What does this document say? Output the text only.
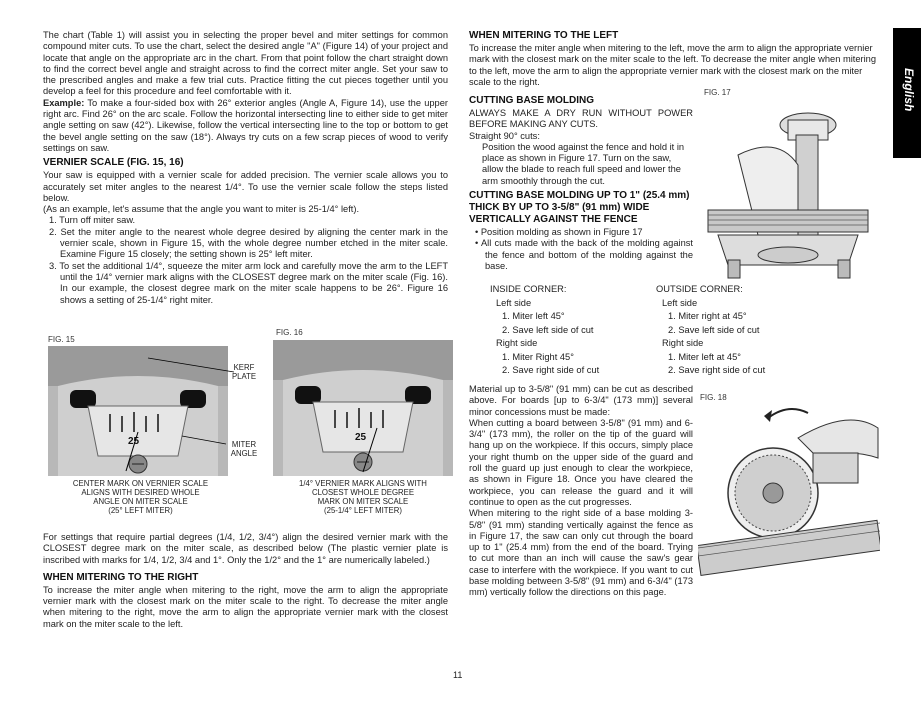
The chart (Table 1) will assist you in selecting the proper bevel and miter settings for common compound miter cuts. To use the chart, select the desired angle "A" (Figure 14) of your project and locate that angle on the appropriate arc in the chart. From that point follow the chart straight down to find the correct bevel angle and straight across to find the correct miter angle. Set your saw to the prescribed angles and make a few trial cuts. Practice fitting the cut pieces together until you develop a feel for this procedure and feel comfortable with it.

Example: To make a four-sided box with 26° exterior angles (Angle A, Figure 14), use the upper right arc. Find 26° on the arc scale. Follow the horizontal intersecting line to either side to get miter angle setting on saw (42°). Likewise, follow the vertical intersecting line to the top or bottom to get the bevel angle setting on the saw (18°). Always try cuts on a few scrap pieces of wood to verify settings on saw.

VERNIER SCALE (FIG. 15, 16)

Your saw is equipped with a vernier scale for added precision. The vernier scale allows you to accurately set miter angles to the nearest 1/4°. To use the vernier scale follow the steps listed below.

(As an example, let's assume that the angle you want to miter is 25-1/4° left).

1. Turn off miter saw.

2. Set the miter angle to the nearest whole degree desired by aligning the center mark in the vernier scale, shown in Figure 15, with the whole degree number etched in the miter scale. Examine Figure 15 closely; the setting shown is 25° left miter.

3. To set the additional 1/4°, squeeze the miter arm lock and carefully move the arm to the LEFT until the 1/4° vernier mark aligns with the CLOSEST degree mark on the miter scale (Fig. 16). In our example, the closest degree mark on the miter scale happens to be 26°. Figure 16 shows a setting of 25-1/4° right miter.

FIG. 15
FIG. 16
25
KERF
PLATE
MITER
ANGLE
CENTER MARK ON VERNIER SCALE
ALIGNS WITH DESIRED WHOLE
ANGLE ON MITER SCALE
(25° LEFT MITER)
25
1/4° VERNIER MARK ALIGNS WITH
CLOSEST WHOLE DEGREE
MARK ON MITER SCALE
(25-1/4° LEFT MITER)

For settings that require partial degrees (1/4, 1/2, 3/4°) align the desired vernier mark with the CLOSEST degree mark on the miter scale, as described below (The plastic vernier plate is inscribed with marks for 1/4, 1/2, 3/4 and 1°. Only the 1/2° and the 1° are numerically labeled.)

WHEN MITERING TO THE RIGHT

To increase the miter angle when mitering to the right, move the arm to align the appropriate vernier mark with the closest mark on the miter scale to the right. To decrease the miter angle when mitering to the right, move the arm to align the appropriate vernier mark with the closest mark on the miter scale to the left.

WHEN MITERING TO THE LEFT

To increase the miter angle when mitering to the left, move the arm to align the appropriate vernier mark with the closest mark on the miter scale to the left. To decrease the miter angle when mitering to the left, move the arm to align the appropriate vernier mark with the closest mark on the miter scale to the right.

CUTTING BASE MOLDING

ALWAYS MAKE A DRY RUN WITHOUT POWER BEFORE MAKING ANY CUTS.

Straight 90° cuts:

Position the wood against the fence and hold it in place as shown in Figure 17. Turn on the saw, allow the blade to reach full speed and lower the arm smoothly through the cut.

CUTTING BASE MOLDING UP TO 1" (25.4 mm) THICK BY UP TO 3-5/8" (91 mm) WIDE VERTICALLY AGAINST THE FENCE

• Position molding as shown in Figure 17

• All cuts made with the back of the molding against the fence and bottom of the molding against the base.

FIG. 17
INSIDE CORNER:
Left side
1. Miter left 45°
2. Save left side of cut
Right side
1. Miter Right 45°
2. Save right side of cut
OUTSIDE CORNER:
Left side
1. Miter right at 45°
2. Save left side of cut
Right side
1. Miter left at 45°
2. Save right side of cut

Material up to 3-5/8" (91 mm) can be cut as described above. For boards [up to 6-3/4" (173 mm)] several minor concessions must be made:

When cutting a board between 3-5/8" (91 mm) and 6-3/4" (173 mm), the roller on the tip of the guard will hang up on the workpiece. If this occurs, simply place your right thumb on the upper side of the guard and roll the guard up just enough to clear the workpiece, as shown in Figure 18. Once you have cleared the workpiece, you can release the guard and it will continue to open as the cut progresses.

When mitering to the right side of a base molding 3-5/8" (91 mm) standing vertically against the fence as in Figure 17, the saw can only cut through the board up to 1" (25.4 mm) from the end of the board. Trying to cut more than an inch will cause the saw's gear case to interfere with the workpiece. If you want to cut base molding between 3-5/8" (91 mm) and 6-3/4" (173 mm) vertically follow the directions on this page.

FIG. 18
English
11
